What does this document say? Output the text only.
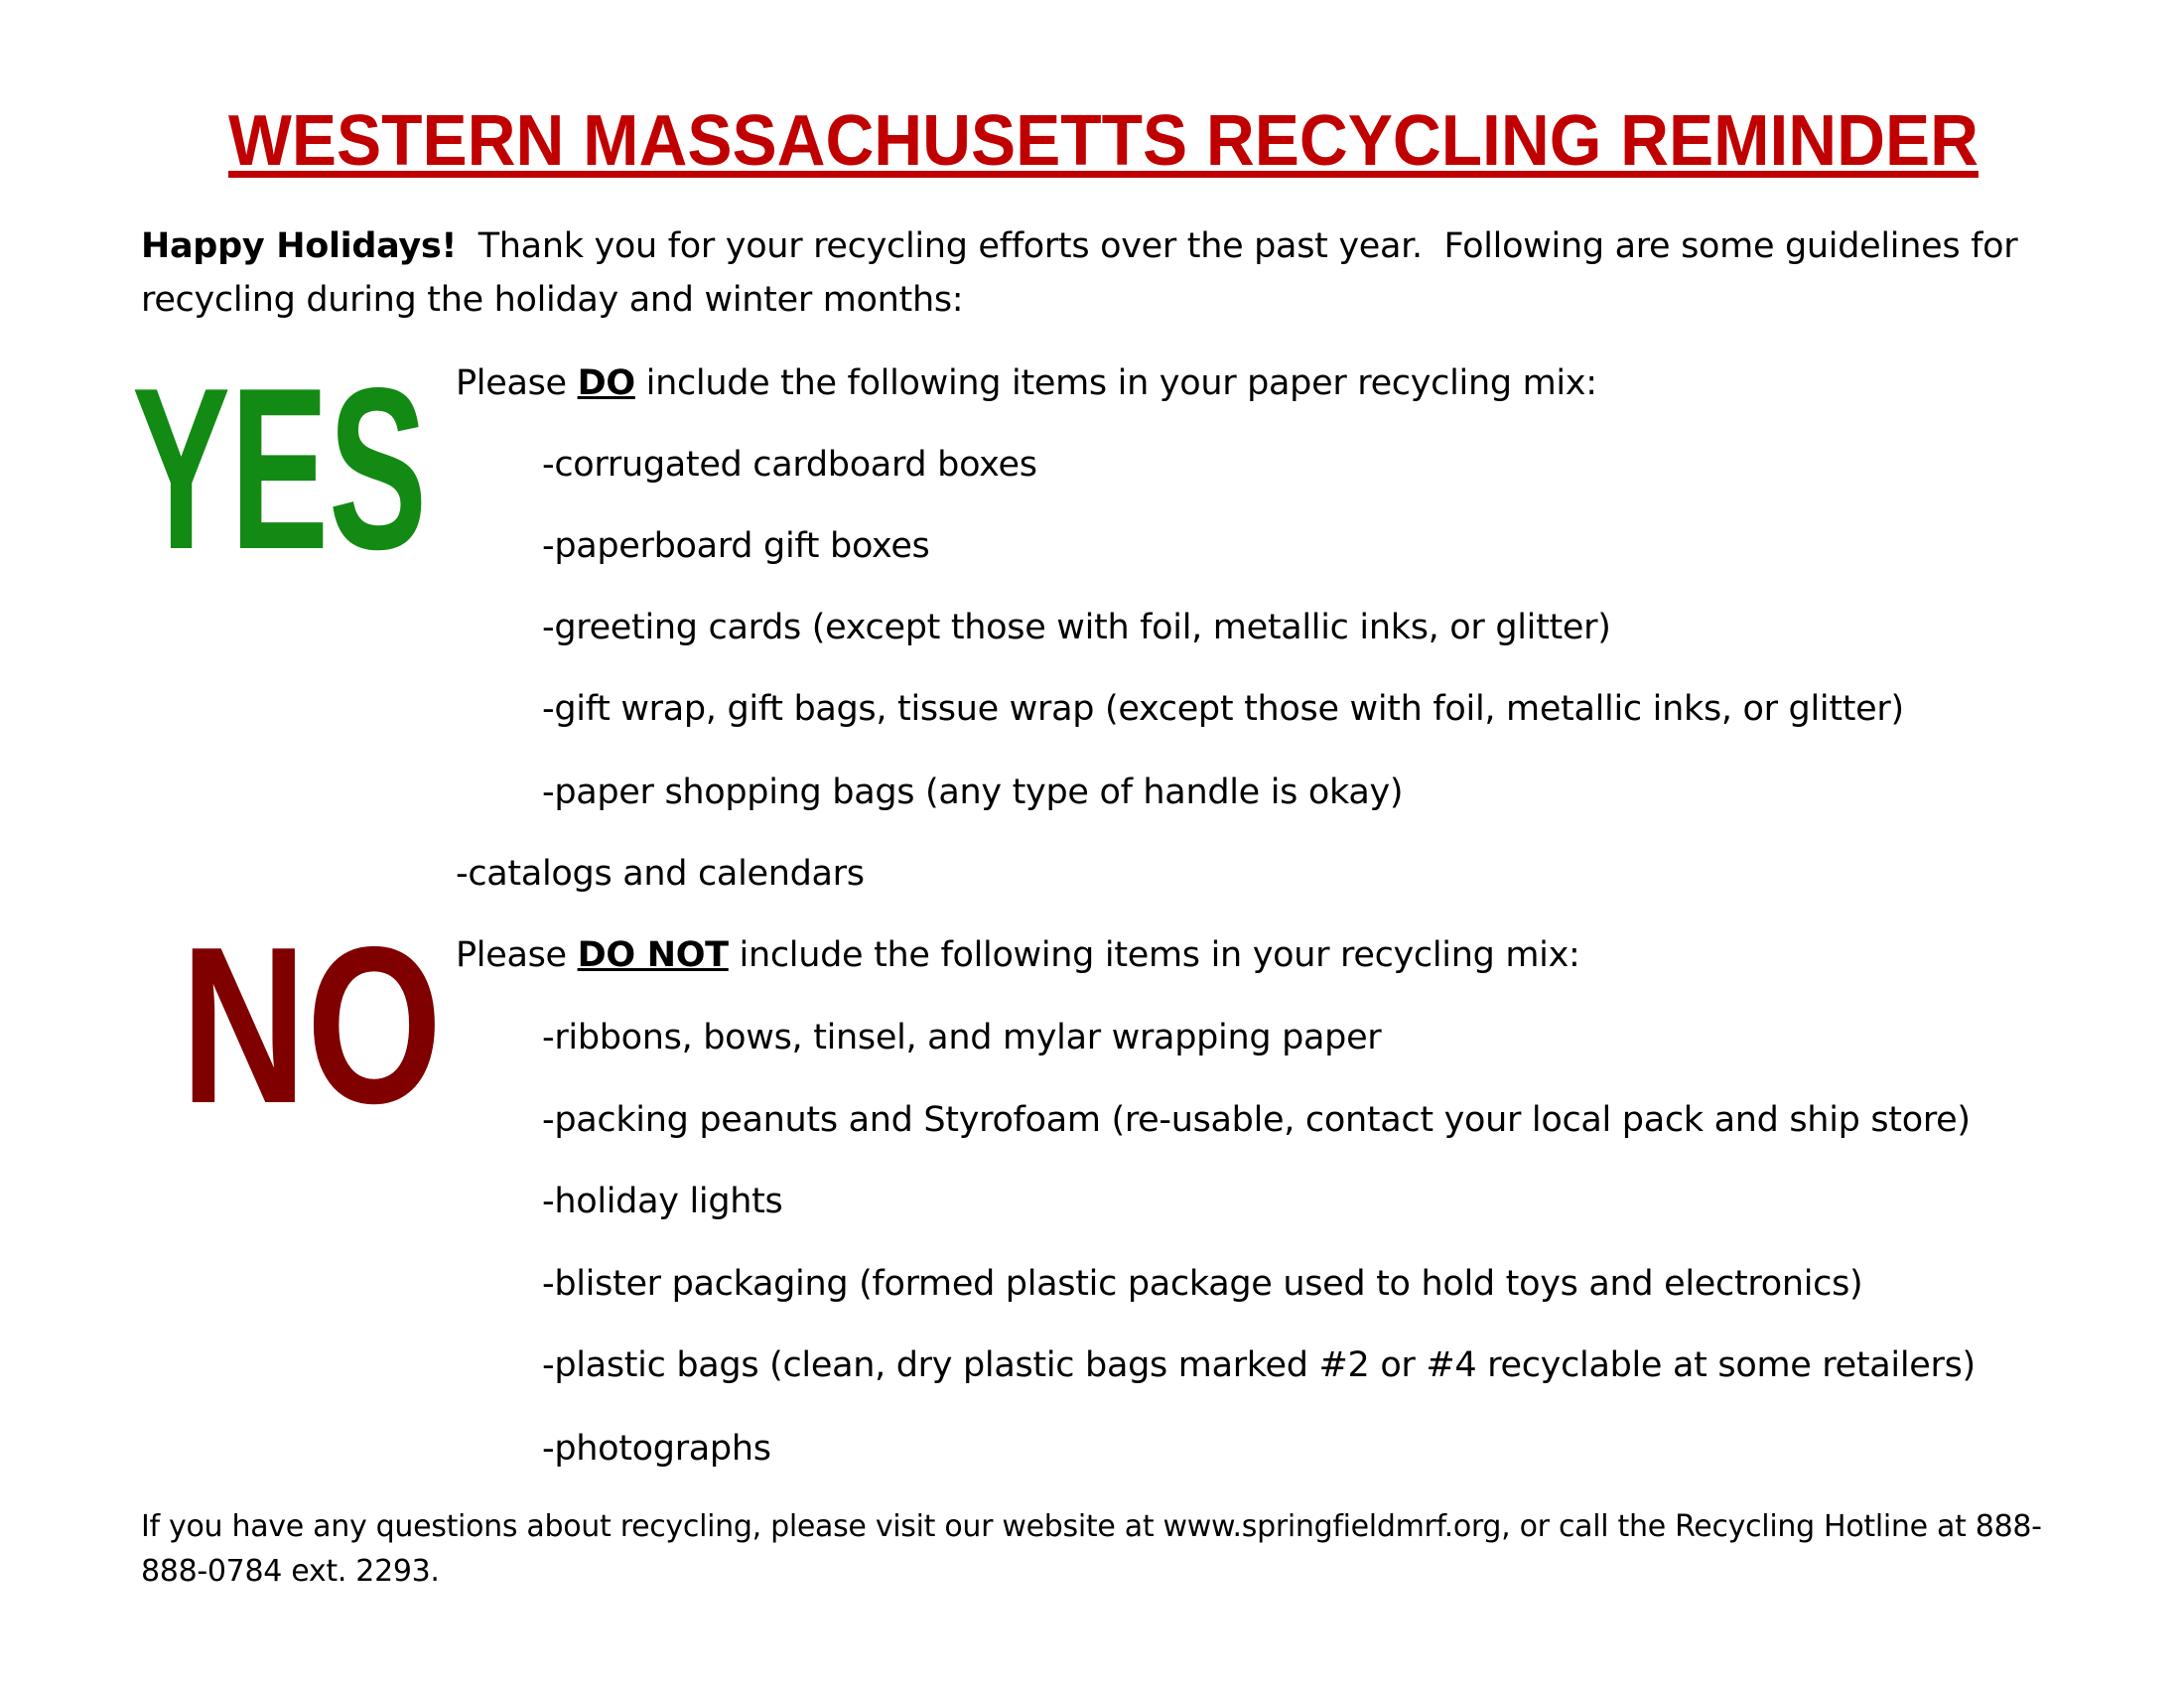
WESTERN MASSACHUSETTS RECYCLING REMINDER
Happy Holidays!  Thank you for your recycling efforts over the past year.  Following are some guidelines for
recycling during the holiday and winter months:
YES Please DO include the following items in your paper recycling mix:
-corrugated cardboard boxes
-paperboard gift boxes
-greeting cards (except those with foil, metallic inks, or glitter)
-gift wrap, gift bags, tissue wrap (except those with foil, metallic inks, or glitter)
-paper shopping bags (any type of handle is okay)
-catalogs and calendars
NO Please DO NOT include the following items in your recycling mix:
-ribbons, bows, tinsel, and mylar wrapping paper
-packing peanuts and Styrofoam (re-usable, contact your local pack and ship store)
-holiday lights
-blister packaging (formed plastic package used to hold toys and electronics)
-plastic bags (clean, dry plastic bags marked #2 or #4 recyclable at some retailers)
-photographs
If you have any questions about recycling, please visit our website at www.springfieldmrf.org, or call the Recycling Hotline at 888-
888-0784 ext. 2293.
